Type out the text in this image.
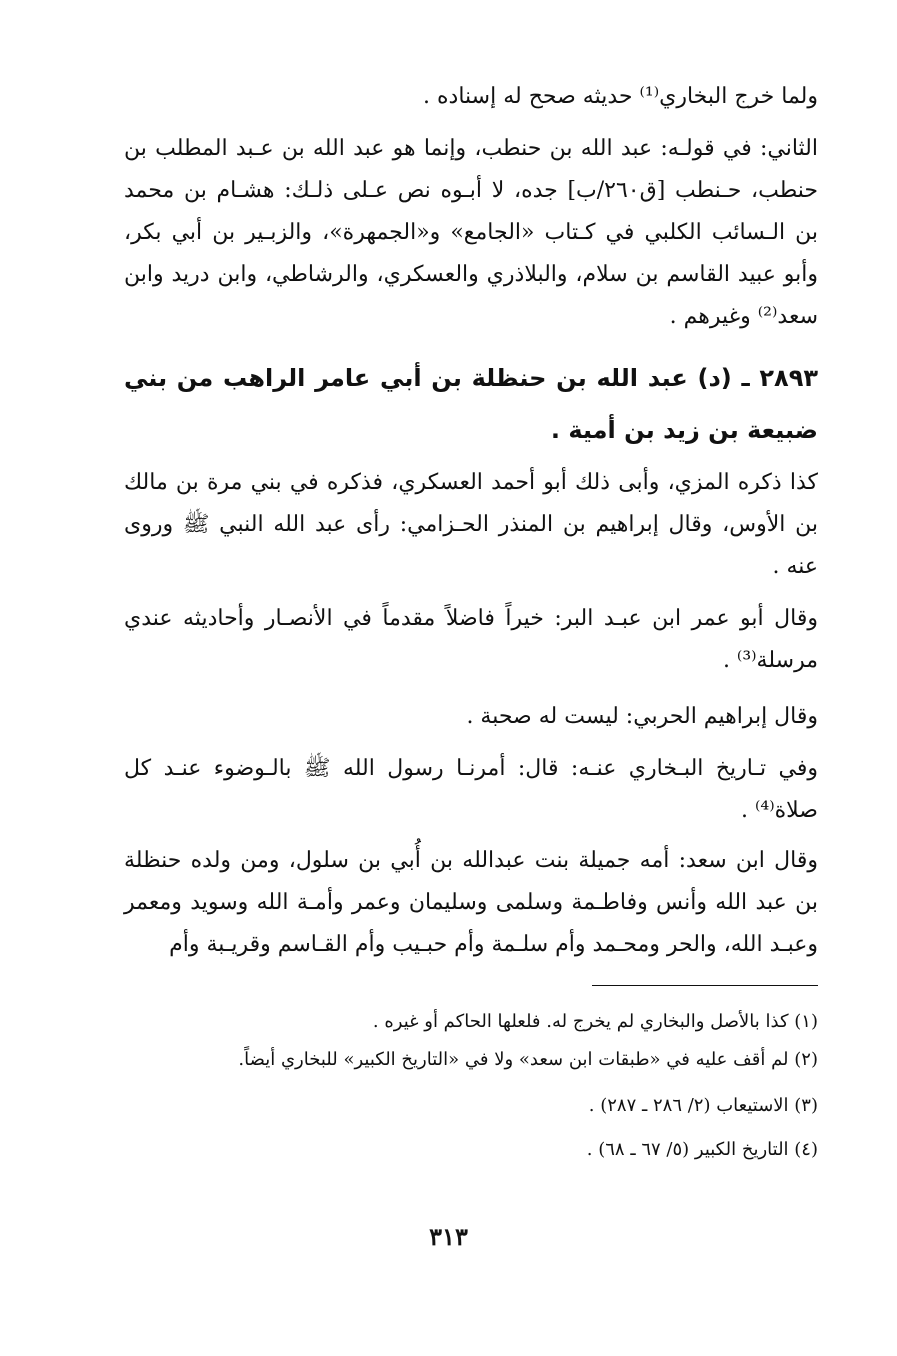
ولما خرج البخاري⁽¹⁾ حديثه صحح له إسناده .

الثاني: في قولـه: عبد الله بن حنطب، وإنما هو عبد الله بن عـبد المطلب بن حنطب، حـنطب [ق٢٦٠/ب] جده، لا أبـوه نص عـلى ذلـك: هشـام بن محمد بن الـسائب الكلبي في كـتاب «الجامع» و«الجمهرة»، والزبـير بن أبي بكر، وأبو عبيد القاسم بن سلام، والبلاذري والعسكري، والرشاطي، وابن دريد وابن سعد⁽²⁾ وغيرهم .

٢٨٩٣ ـ (د) عبد الله بن حنظلة بن أبي عامر الراهب من بني ضبيعة بن زيد بن أمية .

كذا ذكره المزي، وأبى ذلك أبو أحمد العسكري، فذكره في بني مرة بن مالك بن الأوس، وقال إبراهيم بن المنذر الحـزامي: رأى عبد الله النبي ﷺ وروى عنه .

وقال أبو عمر ابن عبـد البر: خيراً فاضلاً مقدماً في الأنصـار وأحاديثه عندي مرسلة⁽³⁾ .

وقال إبراهيم الحربي: ليست له صحبة .

وفي تـاريخ البـخاري عنـه: قال: أمرنـا رسول الله ﷺ بالـوضوء عنـد كل صلاة⁽⁴⁾ .

وقال ابن سعد: أمه جميلة بنت عبدالله بن أُبي بن سلول، ومن ولده حنظلة بن عبد الله وأنس وفاطـمة وسلمى وسليمان وعمر وأمـة الله وسويد ومعمر وعبـد الله، والحر ومحـمد وأم سلـمة وأم حبـيب وأم القـاسم وقريـبة وأم

(١) كذا بالأصل والبخاري لم يخرج له. فلعلها الحاكم أو غيره .

(٢) لم أقف عليه في «طبقات ابن سعد» ولا في «التاريخ الكبير» للبخاري أيضاً.

(٣) الاستيعاب (٢/ ٢٨٦ ـ ٢٨٧) .

(٤) التاريخ الكبير (٥/ ٦٧ ـ ٦٨) .

٣١٣
